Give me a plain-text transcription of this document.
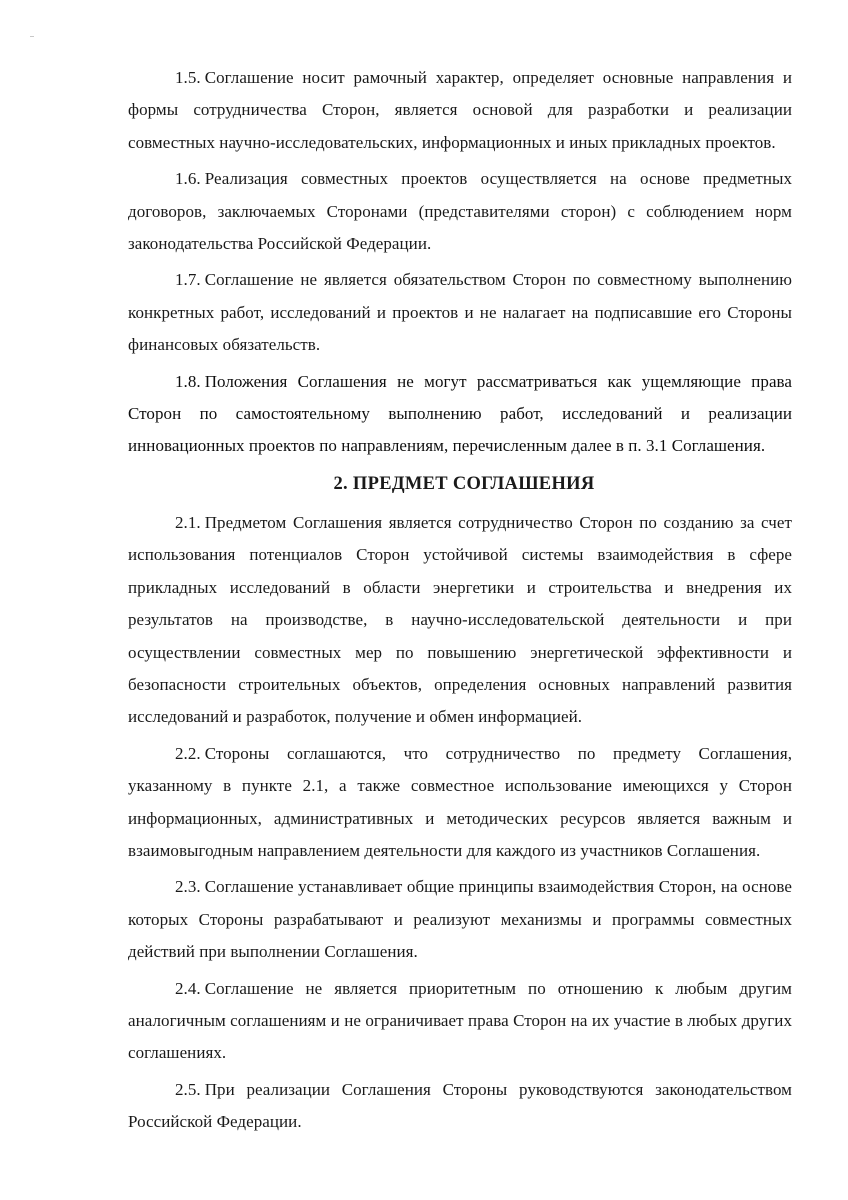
1.5. Соглашение носит рамочный характер, определяет основные направления и формы сотрудничества Сторон, является основой для разработки и реализации совместных научно-исследовательских, информационных и иных прикладных проектов.

1.6. Реализация совместных проектов осуществляется на основе предметных договоров, заключаемых Сторонами (представителями сторон) с соблюдением норм законодательства Российской Федерации.

1.7. Соглашение не является обязательством Сторон по совместному выполнению конкретных работ, исследований и проектов и не налагает на подписавшие его Стороны финансовых обязательств.

1.8. Положения Соглашения не могут рассматриваться как ущемляющие права Сторон по самостоятельному выполнению работ, исследований и реализации инновационных проектов по направлениям, перечисленным далее в п. 3.1 Соглашения.

2. ПРЕДМЕТ СОГЛАШЕНИЯ

2.1. Предметом Соглашения является сотрудничество Сторон по созданию за счет использования потенциалов Сторон устойчивой системы взаимодействия в сфере прикладных исследований в области энергетики и строительства и внедрения их результатов на производстве, в научно-исследовательской деятельности и при осуществлении совместных мер по повышению энергетической эффективности и безопасности строительных объектов, определения основных направлений развития исследований и разработок, получение и обмен информацией.

2.2. Стороны соглашаются, что сотрудничество по предмету Соглашения, указанному в пункте 2.1, а также совместное использование имеющихся у Сторон информационных, административных и методических ресурсов является важным и взаимовыгодным направлением деятельности для каждого из участников Соглашения.

2.3. Соглашение устанавливает общие принципы взаимодействия Сторон, на основе которых Стороны разрабатывают и реализуют механизмы и программы совместных действий при выполнении Соглашения.

2.4. Соглашение не является приоритетным по отношению к любым другим аналогичным соглашениям и не ограничивает права Сторон на их участие в любых других соглашениях.

2.5. При реализации Соглашения Стороны руководствуются законодательством Российской Федерации.
